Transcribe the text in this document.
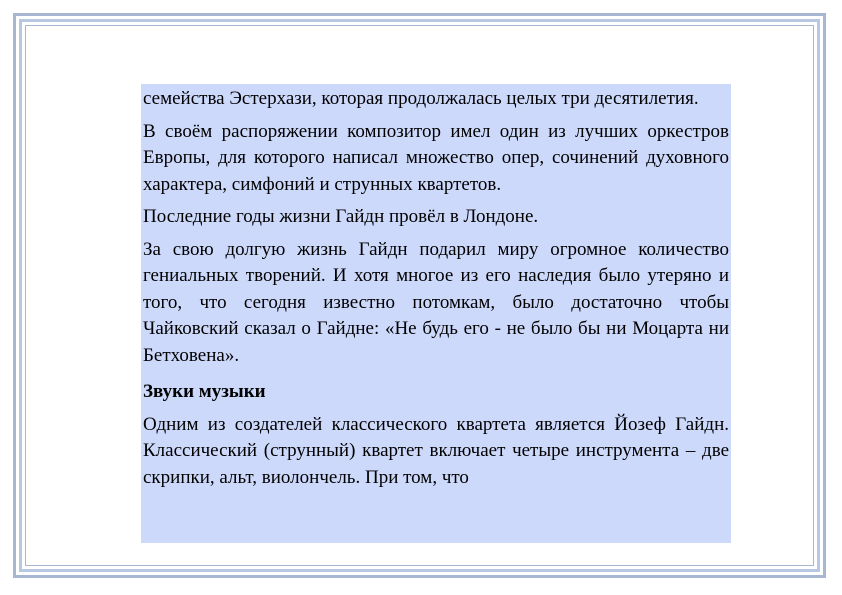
семейства Эстерхази, которая продолжалась целых три десятилетия.

В своём распоряжении композитор имел один из лучших оркестров Европы, для которого написал множество опер, сочинений духовного характера, симфоний и струнных квартетов.

Последние годы жизни Гайдн провёл в Лондоне.

За свою долгую жизнь Гайдн подарил миру огромное количество гениальных творений. И хотя многое из его наследия было утеряно и того, что сегодня известно потомкам, было достаточно чтобы Чайковский сказал о Гайдне: «Не будь его - не было бы ни Моцарта ни Бетховена».

Звуки музыки

Одним из создателей классического квартета является Йозеф Гайдн. Классический (струнный) квартет включает четыре инструмента – две скрипки, альт, виолончель. При том, что
